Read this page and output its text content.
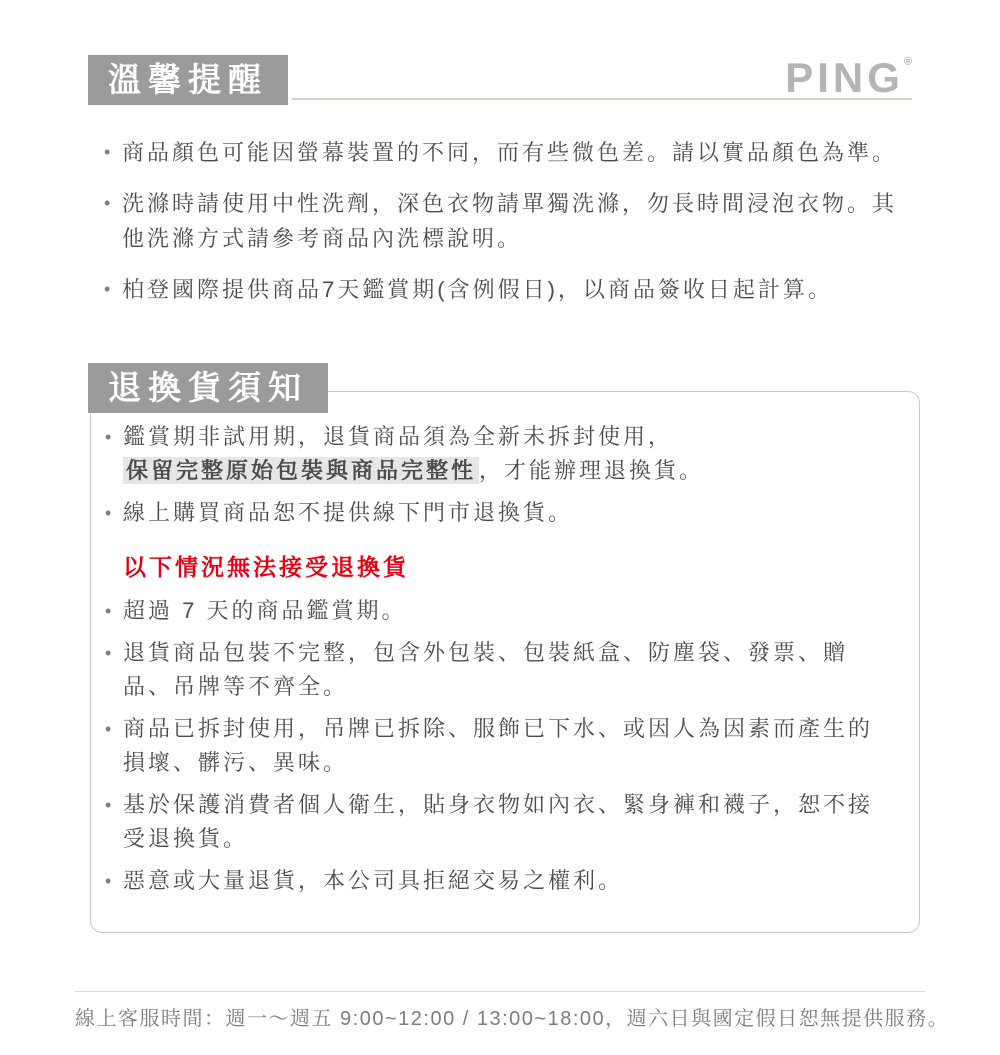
溫馨提醒	PING®
• 商品顏色可能因螢幕裝置的不同，而有些微色差。請以實品顏色為準。
• 洗滌時請使用中性洗劑，深色衣物請單獨洗滌，勿長時間浸泡衣物。其他洗滌方式請參考商品內洗標說明。
• 柏登國際提供商品7天鑑賞期(含例假日)，以商品簽收日起計算。
退換貨須知
• 鑑賞期非試用期，退貨商品須為全新未拆封使用，
保留完整原始包裝與商品完整性 ，才能辦理退換貨。
• 線上購買商品恕不提供線下門市退換貨。
以下情況無法接受退換貨
• 超過 7 天的商品鑑賞期。
• 退貨商品包裝不完整，包含外包裝、包裝紙盒、防塵袋、發票、贈品、吊牌等不齊全。
• 商品已拆封使用，吊牌已拆除、服飾已下水、或因人為因素而產生的損壞、髒污、異味。
• 基於保護消費者個人衛生，貼身衣物如內衣、緊身褲和襪子，恕不接受退換貨。
• 惡意或大量退貨，本公司具拒絕交易之權利。
線上客服時間：週一～週五 9:00~12:00 / 13:00~18:00，週六日與國定假日恕無提供服務。
